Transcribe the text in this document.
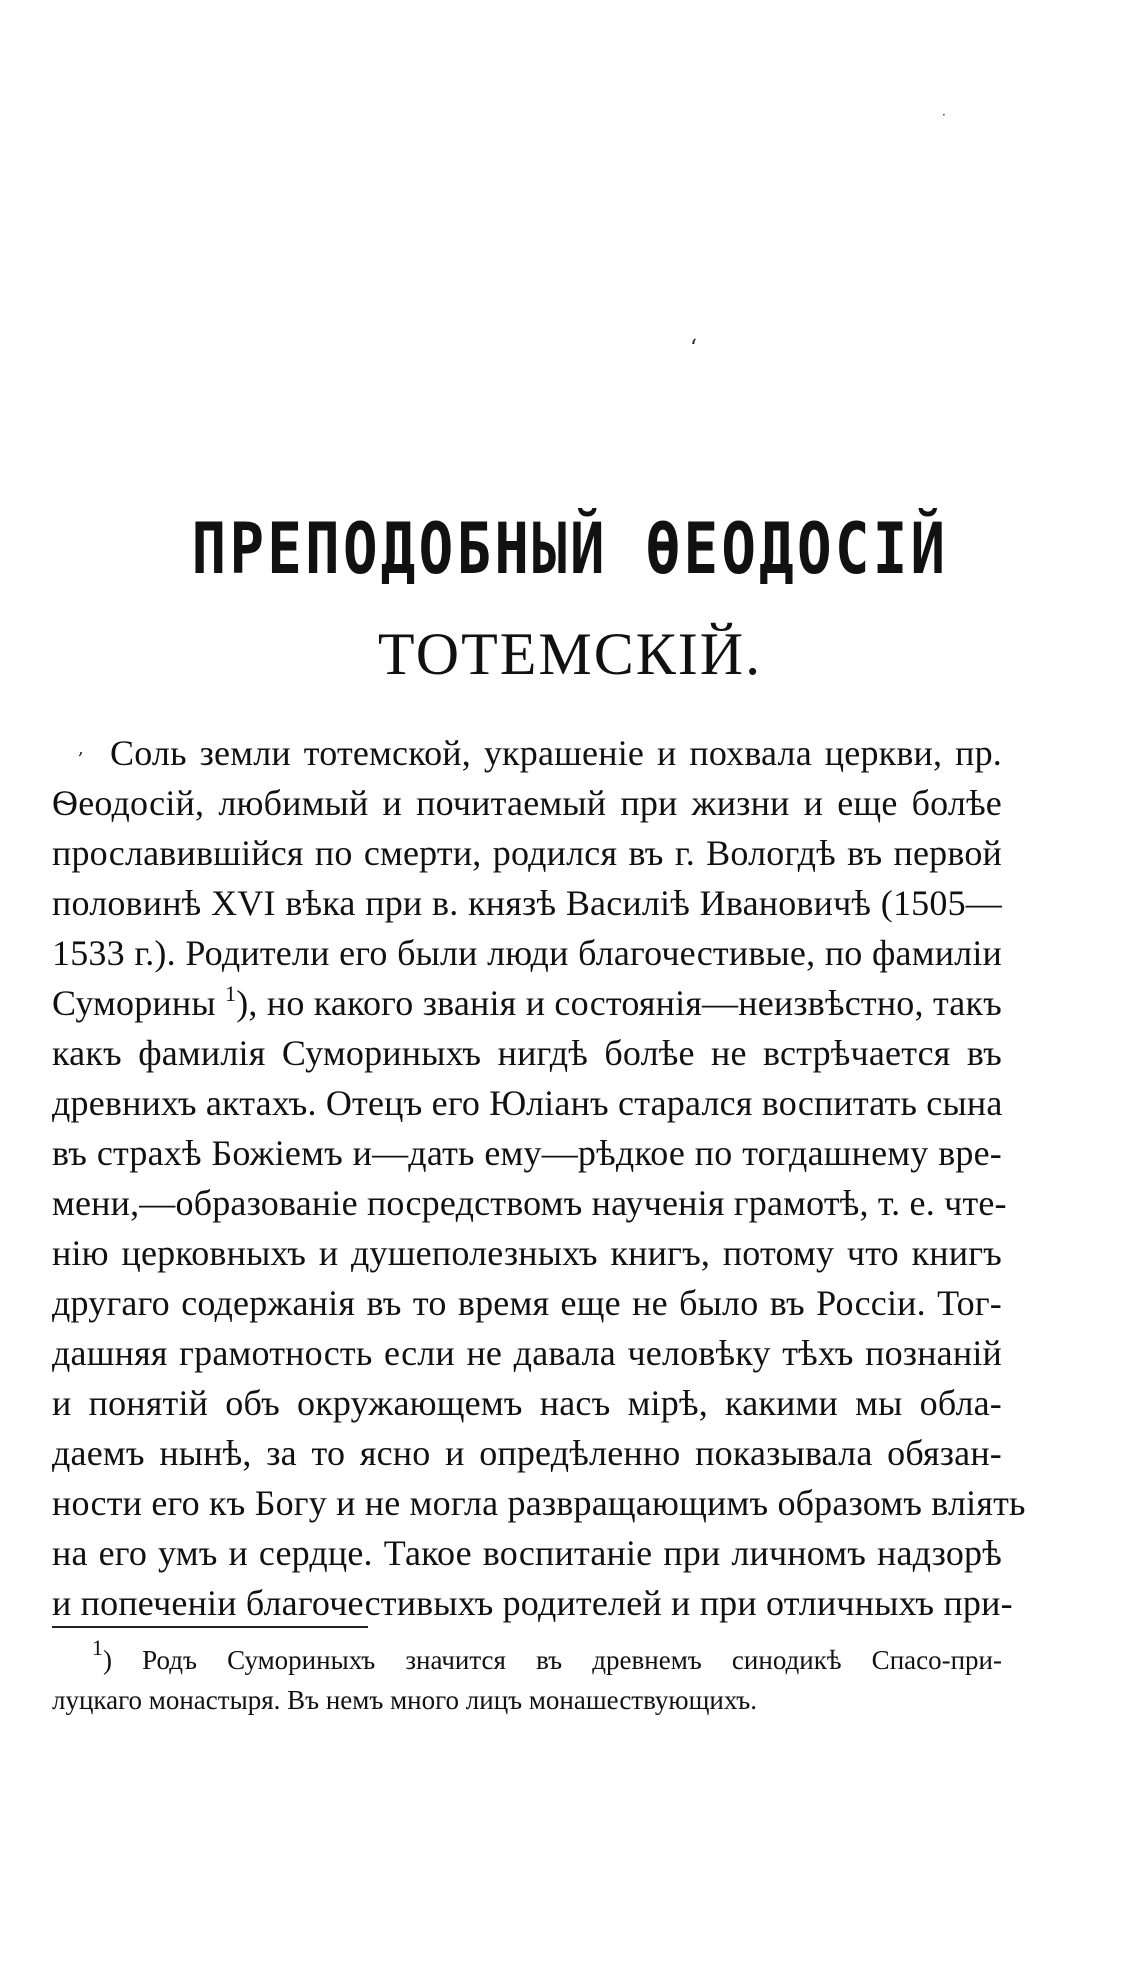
·
ʻ
,
ПРЕПОДОБНЫЙ ѲЕОДОСІЙ
ТОТЕМСКІЙ.
Соль земли тотемской, украшеніе и похвала церкви, пр.
Ѳеодосій, любимый и почитаемый при жизни и еще болѣе
прославившійся по смерти, родился въ г. Вологдѣ въ первой
половинѣ XVI вѣка при в. князѣ Василіѣ Ивановичѣ (1505—
1533 г.). Родители его были люди благочестивые, по фамиліи
Суморины $^1$), но какого званія и состоянія—неизвѣстно, такъ
какъ фамилія Сумориныхъ нигдѣ болѣе не встрѣчается въ
древнихъ актахъ. Отецъ его Юліанъ старался воспитать сына
въ страхѣ Божіемъ и—дать ему—рѣдкое по тогдашнему вре-
мени,—образованіе посредствомъ наученія грамотѣ, т. е. чте-
нію церковныхъ и душеполезныхъ книгъ, потому что книгъ
другаго содержанія въ то время еще не было въ Россіи. Тог-
дашняя грамотность если не давала человѣку тѣхъ познаній
и понятій объ окружающемъ насъ мірѣ, какими мы обла-
даемъ нынѣ, за то ясно и опредѣленно показывала обязан-
ности его къ Богу и не могла развращающимъ образомъ вліять
на его умъ и сердце. Такое воспитаніе при личномъ надзорѣ
и попеченіи благочестивыхъ родителей и при отличныхъ при-
$^1$) Родъ Сумориныхъ значится въ древнемъ синодикѣ Спасо-при-
луцкаго монастыря. Въ немъ много лицъ монашествующихъ.
